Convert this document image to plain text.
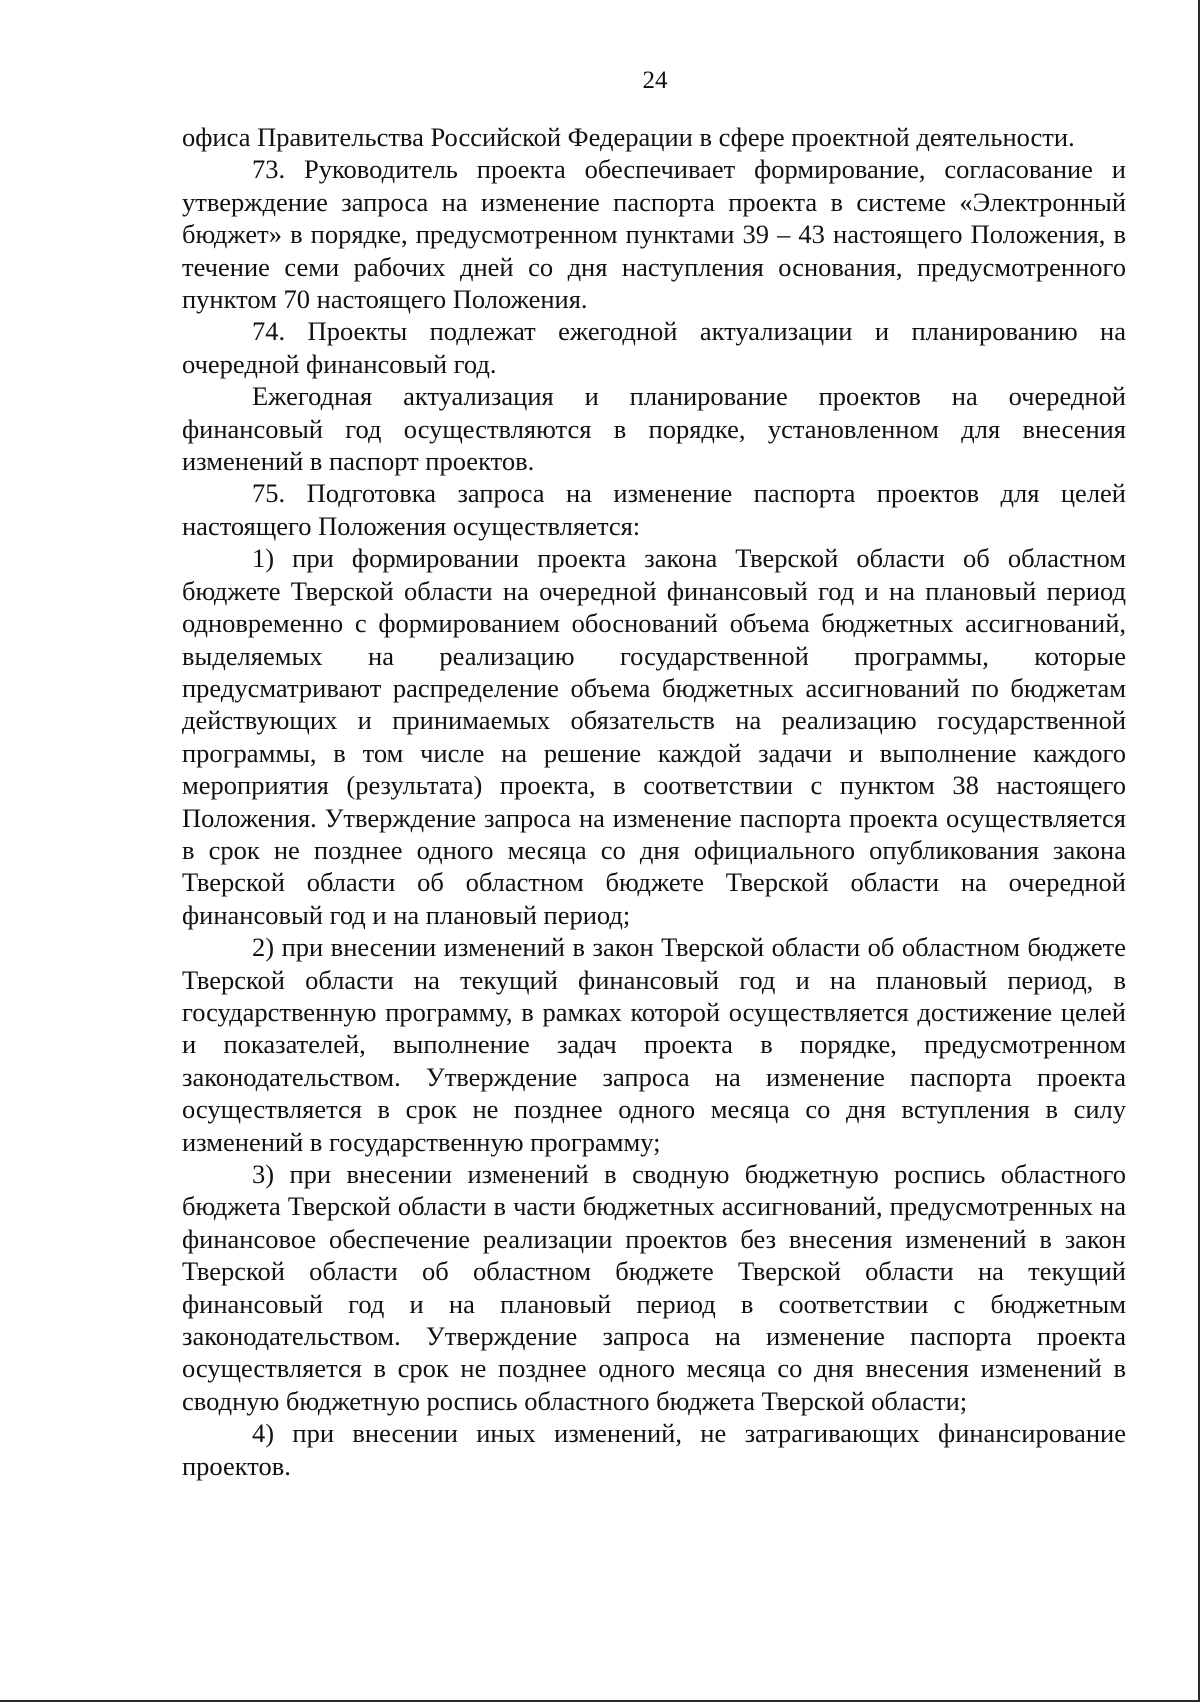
24

офиса Правительства Российской Федерации в сфере проектной деятельности.

73. Руководитель проекта обеспечивает формирование, согласование и утверждение запроса на изменение паспорта проекта в системе «Электронный бюджет» в порядке, предусмотренном пунктами 39 – 43 настоящего Положения, в течение семи рабочих дней со дня наступления основания, предусмотренного пунктом 70 настоящего Положения.

74. Проекты подлежат ежегодной актуализации и планированию на очередной финансовый год.

Ежегодная актуализация и планирование проектов на очередной финансовый год осуществляются в порядке, установленном для внесения изменений в паспорт проектов.

75. Подготовка запроса на изменение паспорта проектов для целей настоящего Положения осуществляется:

1) при формировании проекта закона Тверской области об областном бюджете Тверской области на очередной финансовый год и на плановый период одновременно с формированием обоснований объема бюджетных ассигнований, выделяемых на реализацию государственной программы, которые предусматривают распределение объема бюджетных ассигнований по бюджетам действующих и принимаемых обязательств на реализацию государственной программы, в том числе на решение каждой задачи и выполнение каждого мероприятия (результата) проекта, в соответствии с пунктом 38 настоящего Положения. Утверждение запроса на изменение паспорта проекта осуществляется в срок не позднее одного месяца со дня официального опубликования закона Тверской области об областном бюджете Тверской области на очередной финансовый год и на плановый период;

2) при внесении изменений в закон Тверской области об областном бюджете Тверской области на текущий финансовый год и на плановый период, в государственную программу, в рамках которой осуществляется достижение целей и показателей, выполнение задач проекта в порядке, предусмотренном законодательством. Утверждение запроса на изменение паспорта проекта осуществляется в срок не позднее одного месяца со дня вступления в силу изменений в государственную программу;

3) при внесении изменений в сводную бюджетную роспись областного бюджета Тверской области в части бюджетных ассигнований, предусмотренных на финансовое обеспечение реализации проектов без внесения изменений в закон Тверской области об областном бюджете Тверской области на текущий финансовый год и на плановый период в соответствии с бюджетным законодательством. Утверждение запроса на изменение паспорта проекта осуществляется в срок не позднее одного месяца со дня внесения изменений в сводную бюджетную роспись областного бюджета Тверской области;

4) при внесении иных изменений, не затрагивающих финансирование проектов.
